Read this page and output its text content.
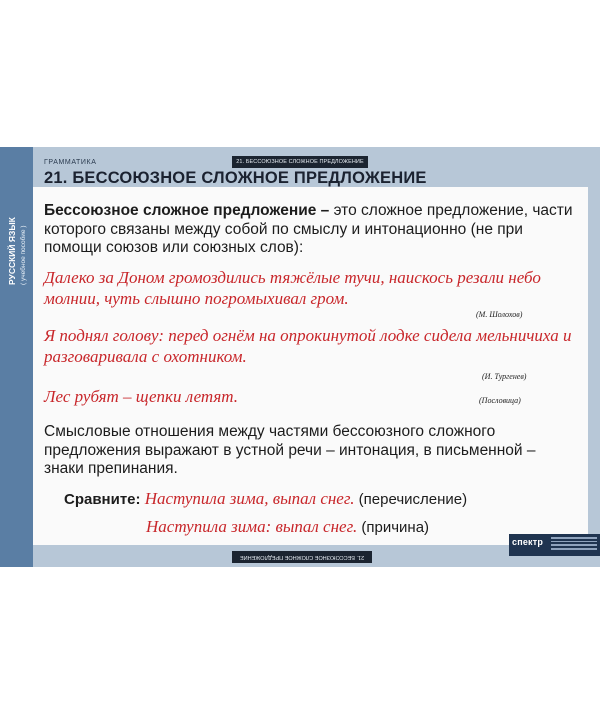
РУССКИЙ ЯЗЫК ( учебное пособие )
21. БЕССОЮЗНОЕ СЛОЖНОЕ ПРЕДЛОЖЕНИЕ
ГРАММАТИКА
21. БЕССОЮЗНОЕ СЛОЖНОЕ ПРЕДЛОЖЕНИЕ
Бессоюзное сложное предложение – это сложное предложение, части которого связаны между собой по смыслу и интонационно (не при помощи союзов или союзных слов):
Далеко за Доном громоздились тяжёлые тучи, наискось резали небо молнии, чуть слышно погромыхивал гром.
(М. Шолохов)
Я поднял голову: перед огнём на опрокинутой лодке сидела мельничиха и разговаривала с охотником.
(И. Тургенев)
Лес рубят – щепки летят.	(Пословица)
Смысловые отношения между частями бессоюзного сложного предложения выражают в устной речи – интонация, в письменной – знаки препинания.
Сравните: Наступила зима, выпал снег. (перечисление)
Наступила зима: выпал снег. (причина)
21. БЕССОЮЗНОЕ СЛОЖНОЕ ПРЕДЛОЖЕНИЕ
спектр
